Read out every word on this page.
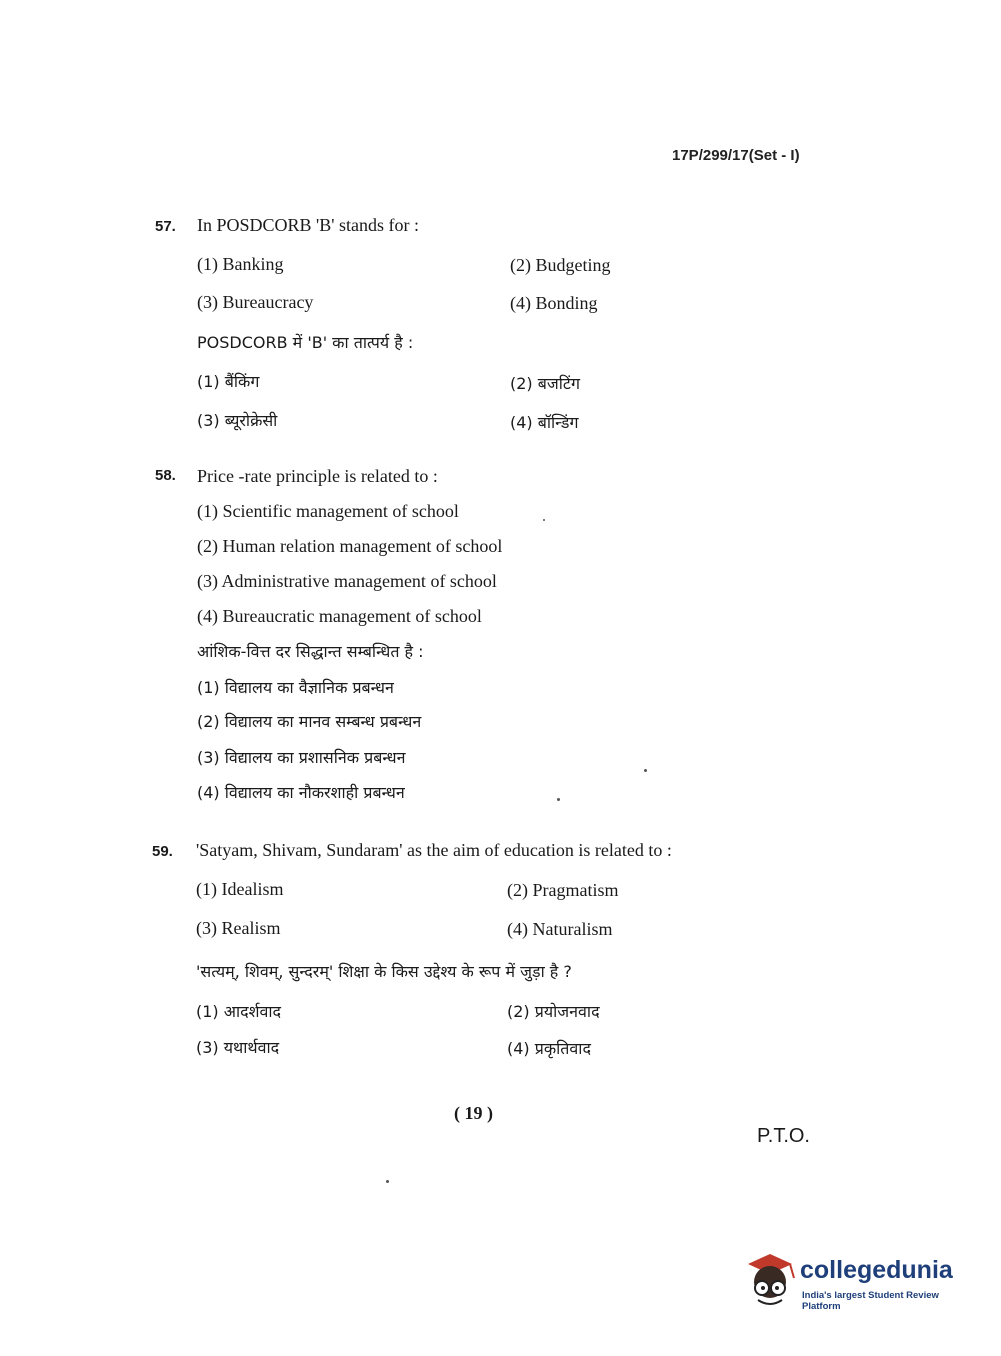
17P/299/17(Set - I)
57. In POSDCORB 'B' stands for :
(1) Banking	(2) Budgeting
(3) Bureaucracy	(4) Bonding
POSDCORB में 'B' का तात्पर्य है :
(1) बैंकिंग	(2) बजटिंग
(3) ब्यूरोक्रेसी	(4) बॉन्डिंग
58. Price -rate principle is related to :
(1) Scientific management of school
(2) Human relation management of school
(3) Administrative management of school
(4) Bureaucratic management of school
आंशिक-वित्त दर सिद्धान्त सम्बन्धित है :
(1) विद्यालय का वैज्ञानिक प्रबन्धन
(2) विद्यालय का मानव सम्बन्ध प्रबन्धन
(3) विद्यालय का प्रशासनिक प्रबन्धन
(4) विद्यालय का नौकरशाही प्रबन्धन
59. 'Satyam, Shivam, Sundaram' as the aim of education is related to :
(1) Idealism	(2) Pragmatism
(3) Realism	(4) Naturalism
'सत्यम्, शिवम्, सुन्दरम्' शिक्षा के किस उद्देश्य के रूप में जुड़ा है ?
(1) आदर्शवाद	(2) प्रयोजनवाद
(3) यथार्थवाद	(4) प्रकृतिवाद
( 19 )
P.T.O.
collegedunia
India's largest Student Review Platform
